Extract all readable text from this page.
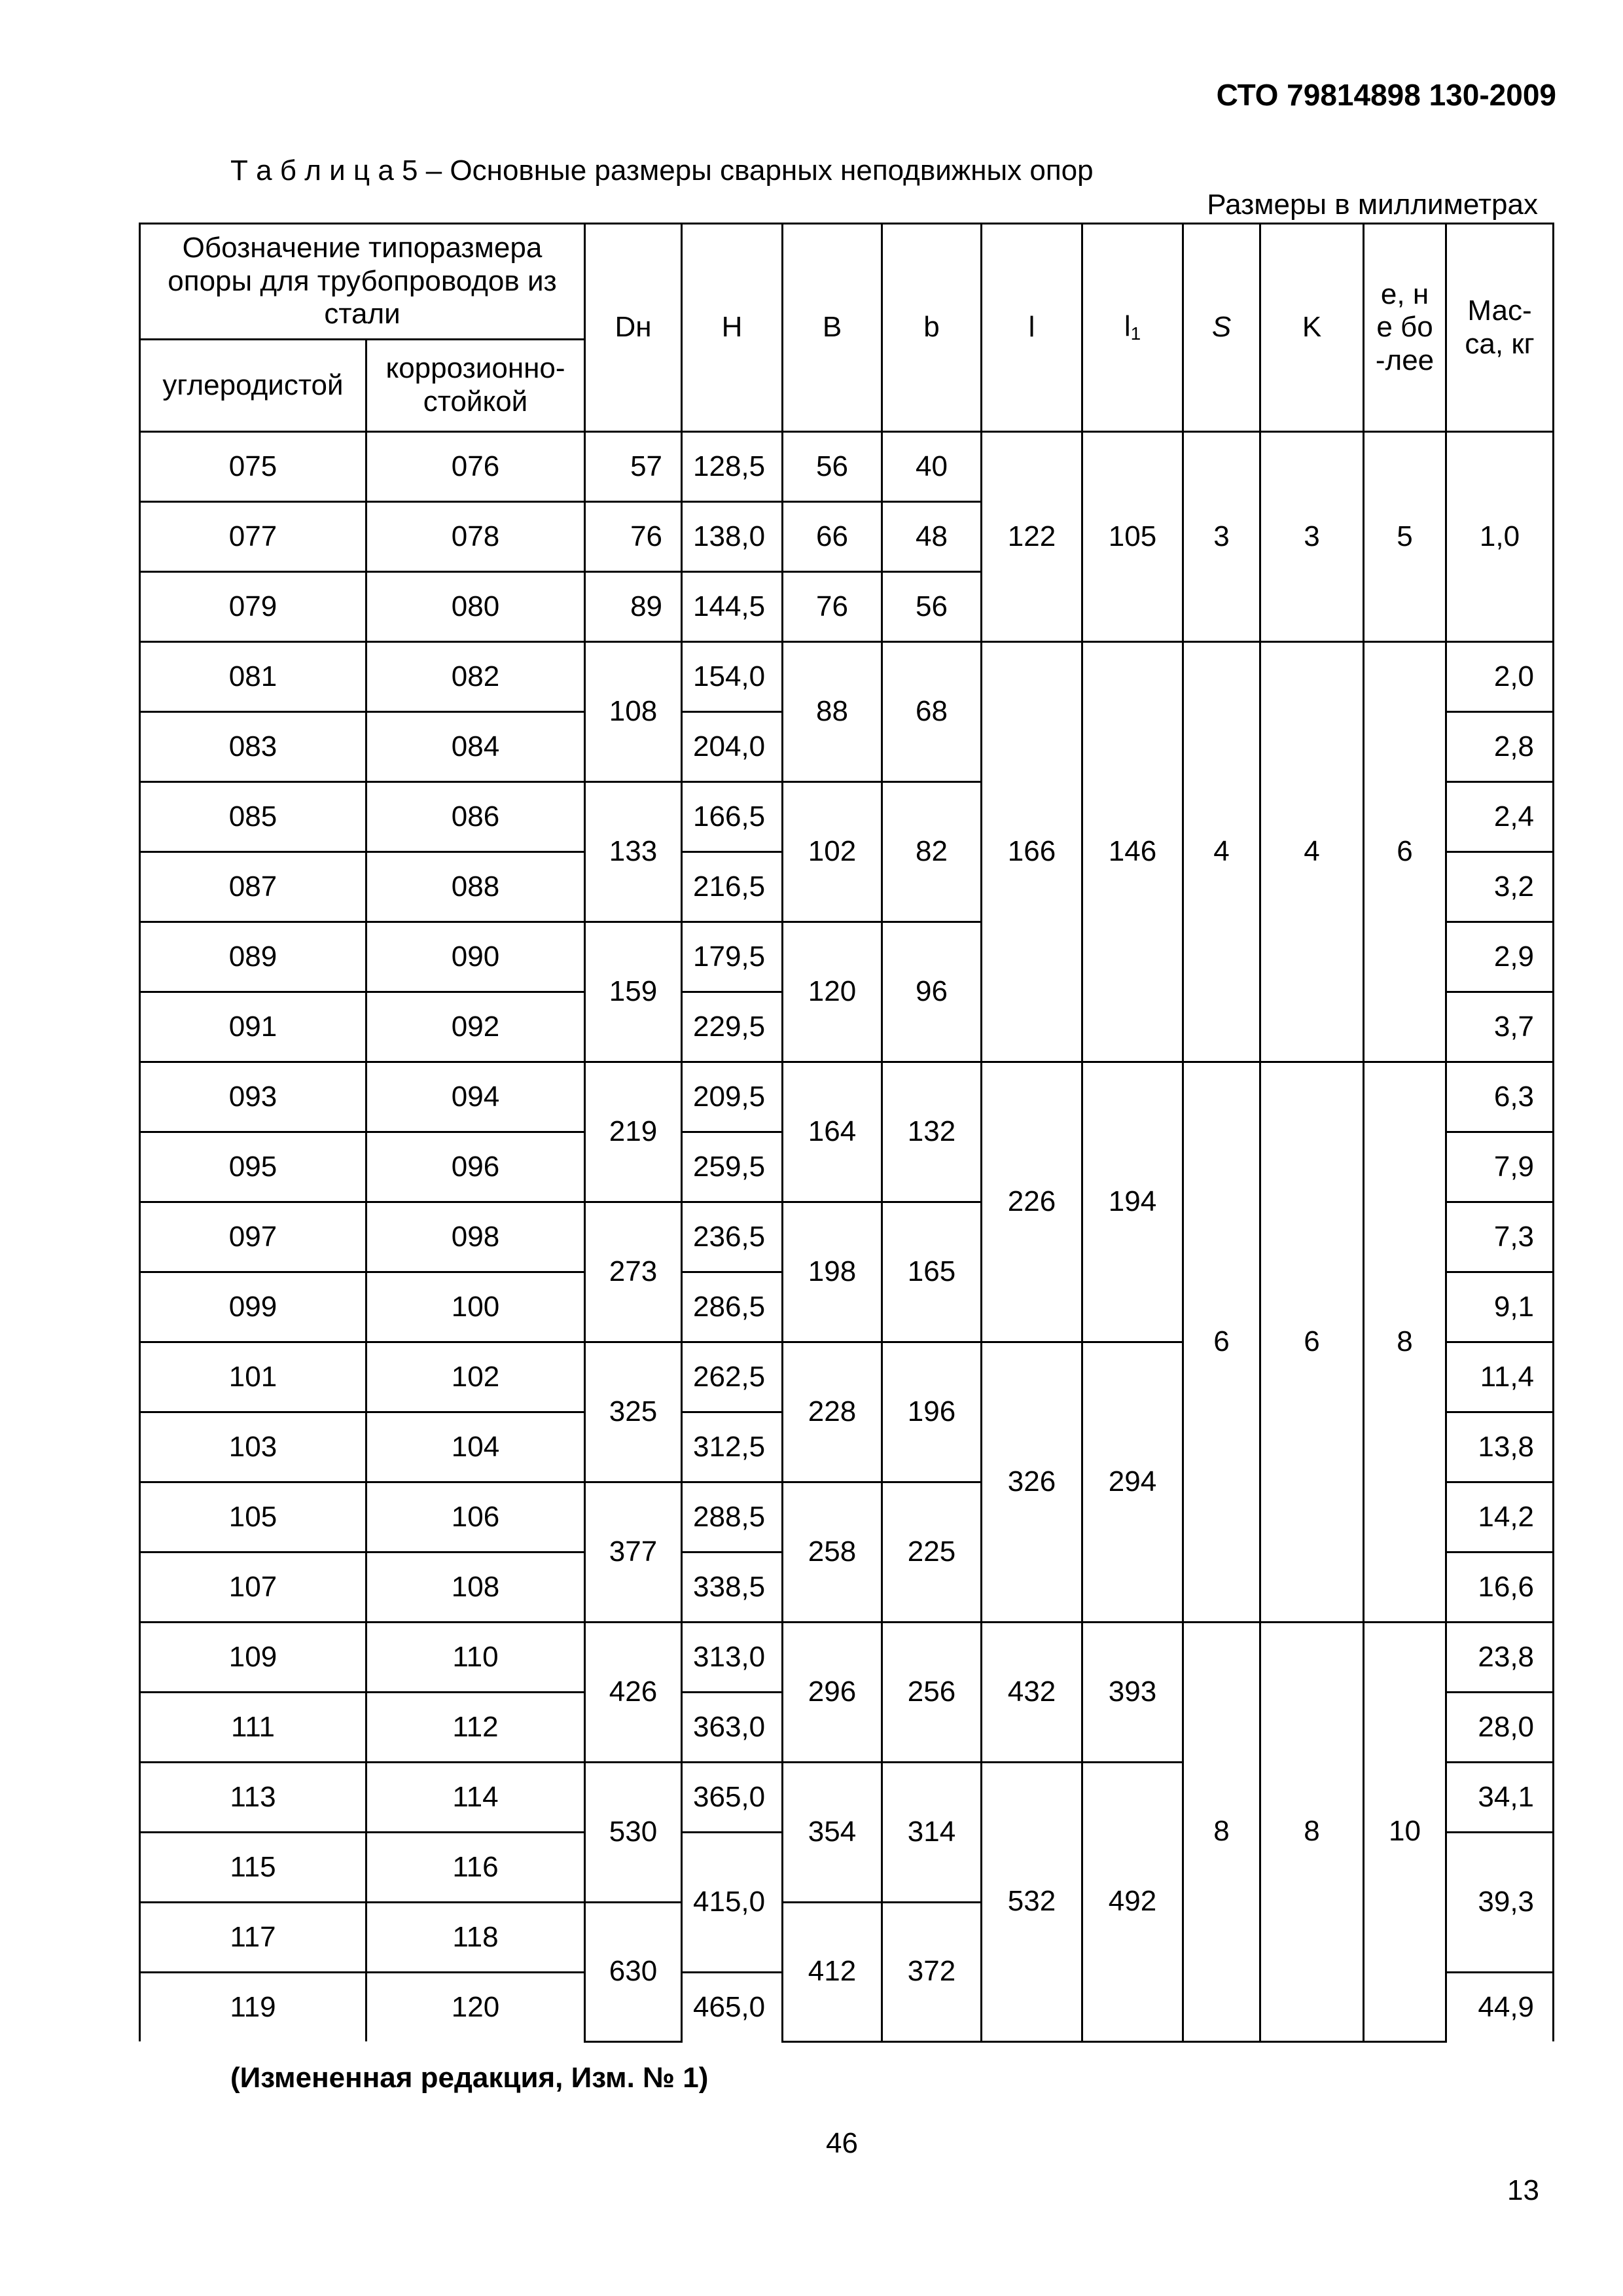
СТО 79814898 130-2009
Т а б л и ц а 5 – Основные размеры сварных неподвижных опор
Размеры в миллиметрах
Обозначение типоразмера опоры для трубопроводов из стали		Dн	H	B	b	l	$l_1$	S	K	е, не бо-лее	Мас-са, кг
углеродистой	коррозионно-стойкой										
075	076	57	128,5	56	40	122	105	3	3	5	1,0
077	078	76	138,0	66	48						
079	080	89	144,5	76	56						
081	082	108	154,0	88	68	166	146	4	4	6	2,0
083	084		204,0								2,8
085	086	133	166,5	102	82						2,4
087	088		216,5								3,2
089	090	159	179,5	120	96						2,9
091	092		229,5								3,7
093	094	219	209,5	164	132	226	194	6	6	8	6,3
095	096		259,5								7,9
097	098	273	236,5	198	165						7,3
099	100		286,5								9,1
101	102	325	262,5	228	196	326	294				11,4
103	104		312,5								13,8
105	106	377	288,5	258	225						14,2
107	108		338,5								16,6
109	110	426	313,0	296	256	432	393	8	8	10	23,8
111	112		363,0								28,0
113	114	530	365,0	354	314	532	492				34,1
115	116		415,0								39,3
117	118	630		412	372						
119	120		465,0								44,9
(Измененная редакция, Изм. № 1)
46
13
